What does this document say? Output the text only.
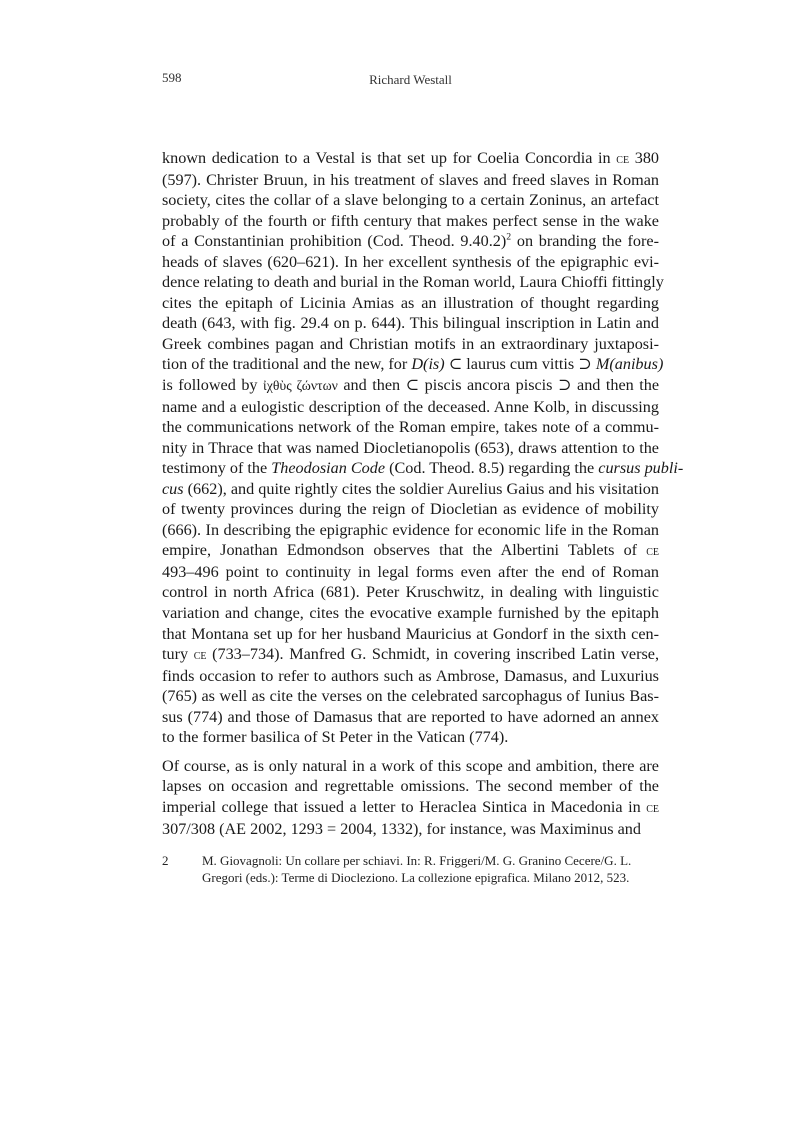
598	Richard Westall

known dedication to a Vestal is that set up for Coelia Concordia in ce 380
(597). Christer Bruun, in his treatment of slaves and freed slaves in Roman
society, cites the collar of a slave belonging to a certain Zoninus, an artefact
probably of the fourth or fifth century that makes perfect sense in the wake
of a Constantinian prohibition (Cod. Theod. 9.40.2)$^2$ on branding the fore-
heads of slaves (620–621). In her excellent synthesis of the epigraphic evi-
dence relating to death and burial in the Roman world, Laura Chioffi fittingly
cites the epitaph of Licinia Amias as an illustration of thought regarding
death (643, with fig. 29.4 on p. 644). This bilingual inscription in Latin and
Greek combines pagan and Christian motifs in an extraordinary juxtaposi-
tion of the traditional and the new, for D(is) ⊂ laurus cum vittis ⊃ M(anibus)
is followed by ἰχθὺς ζώντων and then ⊂ piscis ancora piscis ⊃ and then the
name and a eulogistic description of the deceased. Anne Kolb, in discussing
the communications network of the Roman empire, takes note of a commu-
nity in Thrace that was named Diocletianopolis (653), draws attention to the
testimony of the Theodosian Code (Cod. Theod. 8.5) regarding the cursus publi-
cus (662), and quite rightly cites the soldier Aurelius Gaius and his visitation
of twenty provinces during the reign of Diocletian as evidence of mobility
(666). In describing the epigraphic evidence for economic life in the Roman
empire, Jonathan Edmondson observes that the Albertini Tablets of ce
493–496 point to continuity in legal forms even after the end of Roman
control in north Africa (681). Peter Kruschwitz, in dealing with linguistic
variation and change, cites the evocative example furnished by the epitaph
that Montana set up for her husband Mauricius at Gondorf in the sixth cen-
tury ce (733–734). Manfred G. Schmidt, in covering inscribed Latin verse,
finds occasion to refer to authors such as Ambrose, Damasus, and Luxurius
(765) as well as cite the verses on the celebrated sarcophagus of Iunius Bas-
sus (774) and those of Damasus that are reported to have adorned an annex
to the former basilica of St Peter in the Vatican (774).

Of course, as is only natural in a work of this scope and ambition, there are
lapses on occasion and regrettable omissions. The second member of the
imperial college that issued a letter to Heraclea Sintica in Macedonia in ce
307/308 (AE 2002, 1293 = 2004, 1332), for instance, was Maximinus and

2	M. Giovagnoli: Un collare per schiavi. In: R. Friggeri/M. G. Granino Cecere/G. L. Gregori (eds.): Terme di Diocleziono. La collezione epigrafica. Milano 2012, 523.
